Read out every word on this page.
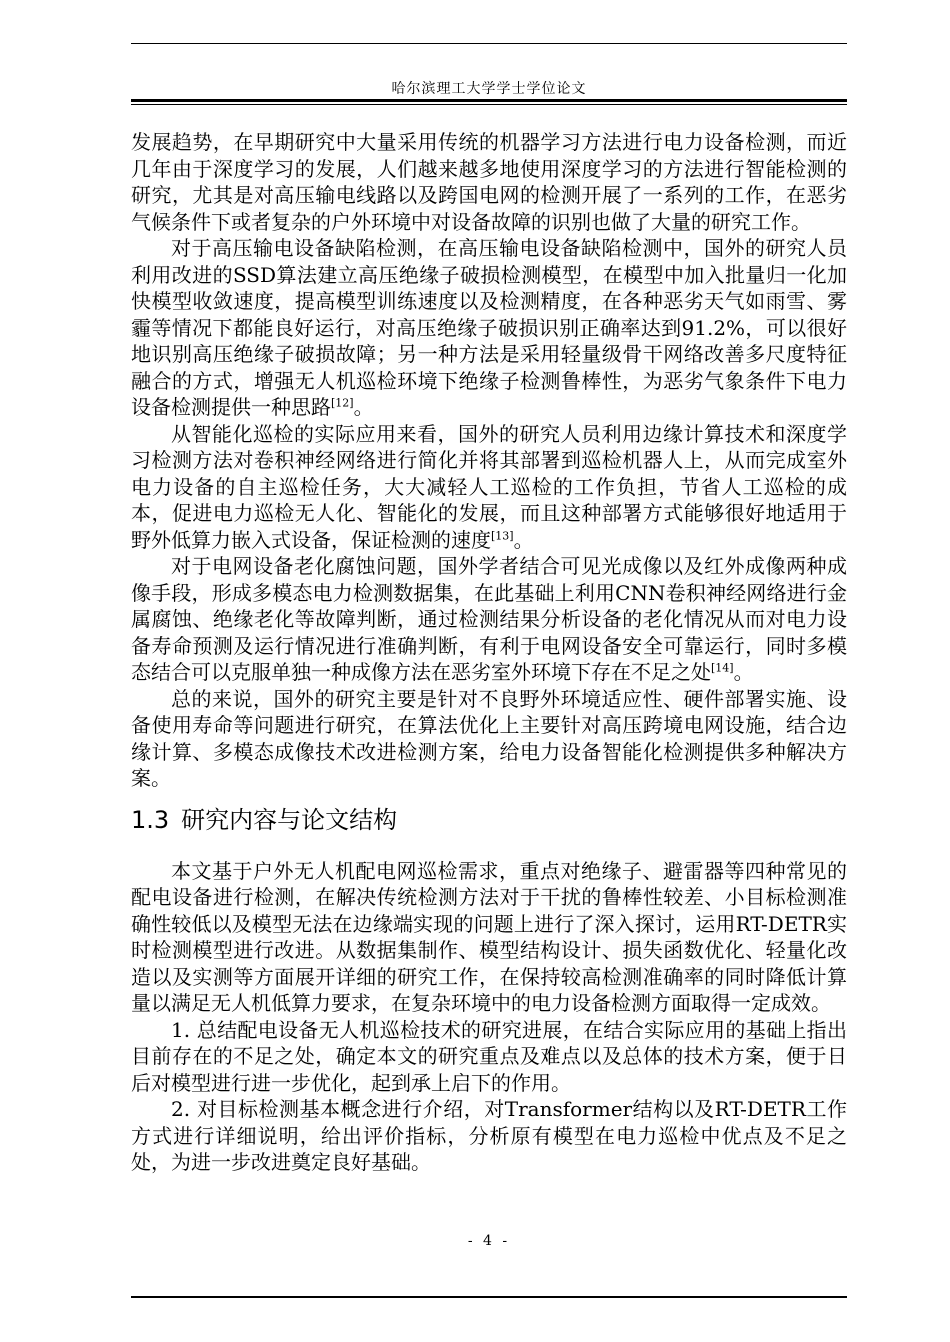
哈尔滨理工大学学士学位论文

发展趋势，在早期研究中大量采用传统的机器学习方法进行电力设备检测，而近几年由于深度学习的发展，人们越来越多地使用深度学习的方法进行智能检测的研究，尤其是对高压输电线路以及跨国电网的检测开展了一系列的工作，在恶劣气候条件下或者复杂的户外环境中对设备故障的识别也做了大量的研究工作。

对于高压输电设备缺陷检测，在高压输电设备缺陷检测中，国外的研究人员利用改进的SSD算法建立高压绝缘子破损检测模型，在模型中加入批量归一化加快模型收敛速度，提高模型训练速度以及检测精度，在各种恶劣天气如雨雪、雾霾等情况下都能良好运行，对高压绝缘子破损识别正确率达到91.2%，可以很好地识别高压绝缘子破损故障；另一种方法是采用轻量级骨干网络改善多尺度特征融合的方式，增强无人机巡检环境下绝缘子检测鲁棒性，为恶劣气象条件下电力设备检测提供一种思路[12]。

从智能化巡检的实际应用来看，国外的研究人员利用边缘计算技术和深度学习检测方法对卷积神经网络进行简化并将其部署到巡检机器人上，从而完成室外电力设备的自主巡检任务，大大减轻人工巡检的工作负担，节省人工巡检的成本，促进电力巡检无人化、智能化的发展，而且这种部署方式能够很好地适用于野外低算力嵌入式设备，保证检测的速度[13]。

对于电网设备老化腐蚀问题，国外学者结合可见光成像以及红外成像两种成像手段，形成多模态电力检测数据集，在此基础上利用CNN卷积神经网络进行金属腐蚀、绝缘老化等故障判断，通过检测结果分析设备的老化情况从而对电力设备寿命预测及运行情况进行准确判断，有利于电网设备安全可靠运行，同时多模态结合可以克服单独一种成像方法在恶劣室外环境下存在不足之处[14]。

总的来说，国外的研究主要是针对不良野外环境适应性、硬件部署实施、设备使用寿命等问题进行研究，在算法优化上主要针对高压跨境电网设施，结合边缘计算、多模态成像技术改进检测方案，给电力设备智能化检测提供多种解决方案。

1.3 研究内容与论文结构

本文基于户外无人机配电网巡检需求，重点对绝缘子、避雷器等四种常见的配电设备进行检测，在解决传统检测方法对于干扰的鲁棒性较差、小目标检测准确性较低以及模型无法在边缘端实现的问题上进行了深入探讨，运用RT-DETR实时检测模型进行改进。从数据集制作、模型结构设计、损失函数优化、轻量化改造以及实测等方面展开详细的研究工作，在保持较高检测准确率的同时降低计算量以满足无人机低算力要求，在复杂环境中的电力设备检测方面取得一定成效。

1. 总结配电设备无人机巡检技术的研究进展，在结合实际应用的基础上指出目前存在的不足之处，确定本文的研究重点及难点以及总体的技术方案，便于日后对模型进行进一步优化，起到承上启下的作用。

2. 对目标检测基本概念进行介绍，对Transformer结构以及RT-DETR工作方式进行详细说明，给出评价指标，分析原有模型在电力巡检中优点及不足之处，为进一步改进奠定良好基础。

- 4 -
